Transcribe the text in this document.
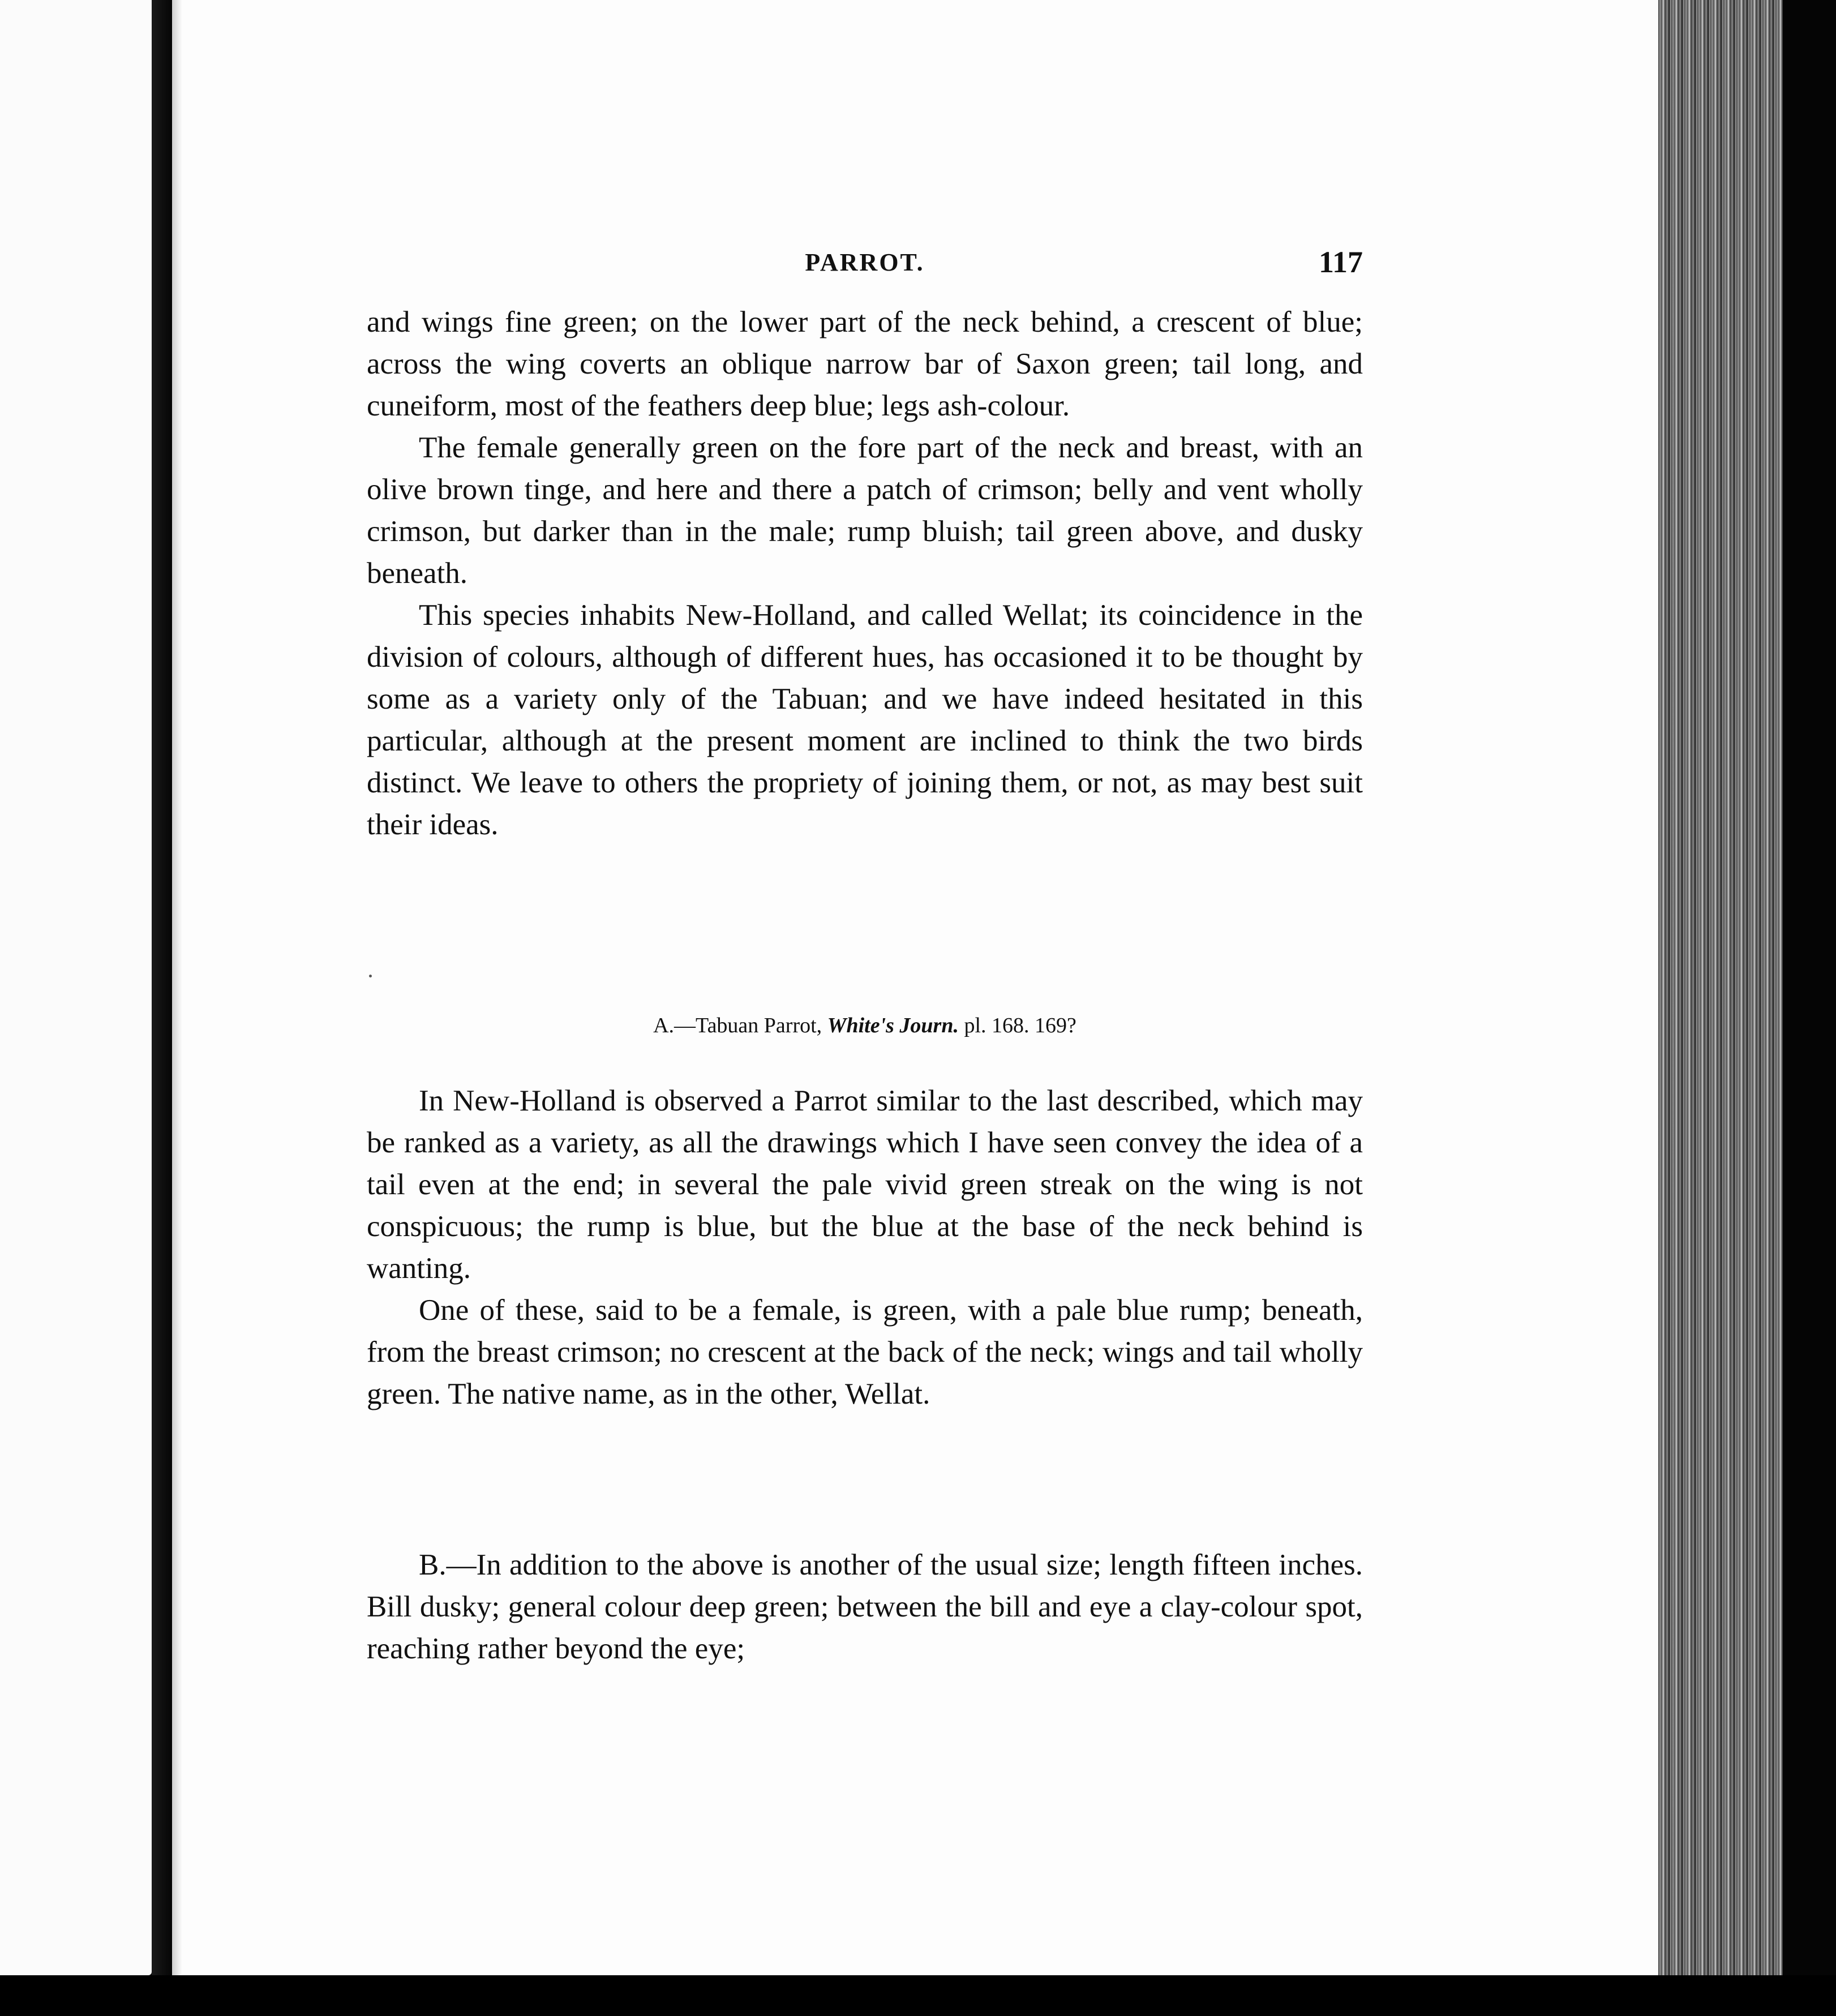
PARROT.	117

and wings fine green; on the lower part of the neck behind, a crescent of blue; across the wing coverts an oblique narrow bar of Saxon green; tail long, and cuneiform, most of the feathers deep blue; legs ash-colour.

The female generally green on the fore part of the neck and breast, with an olive brown tinge, and here and there a patch of crimson; belly and vent wholly crimson, but darker than in the male; rump bluish; tail green above, and dusky beneath.

This species inhabits New-Holland, and called Wellat; its coincidence in the division of colours, although of different hues, has occasioned it to be thought by some as a variety only of the Tabuan; and we have indeed hesitated in this particular, although at the present moment are inclined to think the two birds distinct. We leave to others the propriety of joining them, or not, as may best suit their ideas.

A.—Tabuan Parrot, White's Journ. pl. 168. 169?

In New-Holland is observed a Parrot similar to the last described, which may be ranked as a variety, as all the drawings which I have seen convey the idea of a tail even at the end; in several the pale vivid green streak on the wing is not conspicuous; the rump is blue, but the blue at the base of the neck behind is wanting.

One of these, said to be a female, is green, with a pale blue rump; beneath, from the breast crimson; no crescent at the back of the neck; wings and tail wholly green. The native name, as in the other, Wellat.

B.—In addition to the above is another of the usual size; length fifteen inches. Bill dusky; general colour deep green; between the bill and eye a clay-colour spot, reaching rather beyond the eye;
